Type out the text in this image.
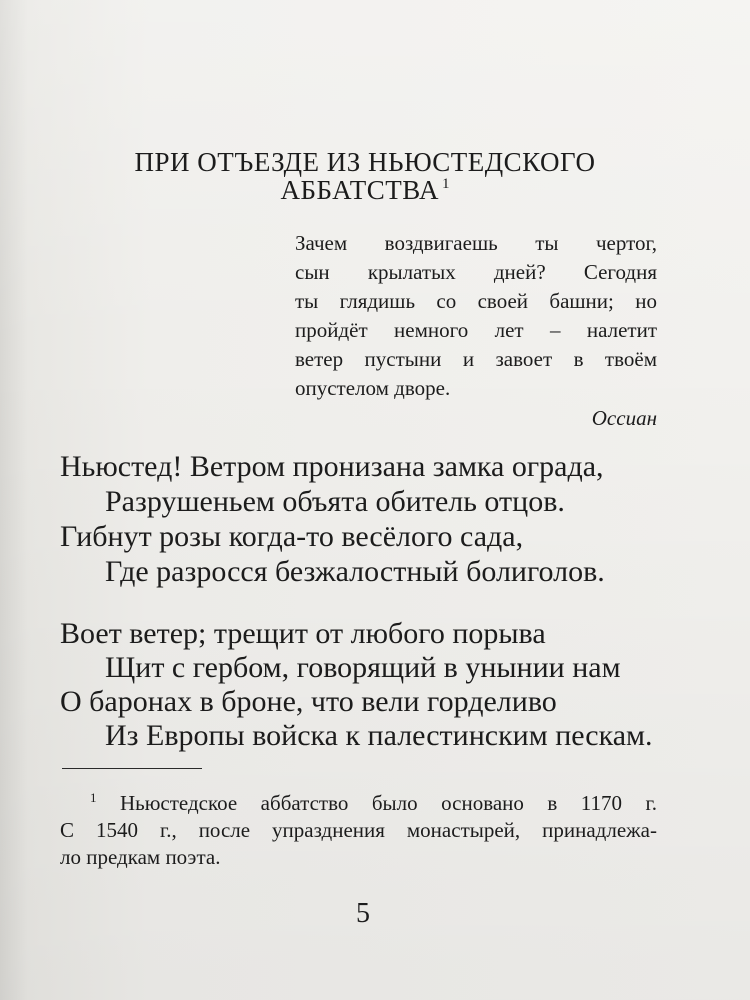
ПРИ ОТЪЕЗДЕ ИЗ НЬЮСТЕДСКОГО
АББАТСТВА $^1$
Зачем воздвигаешь ты чертог,
сын крылатых дней? Сегодня
ты глядишь со своей башни; но
пройдёт немного лет – налетит
ветер пустыни и завоет в твоём
опустелом дворе.
Оссиан
Ньюстед! Ветром пронизана замка ограда,
Разрушеньем объята обитель отцов.
Гибнут розы когда-то весёлого сада,
Где разросся безжалостный болиголов.
Воет ветер; трещит от любого порыва
Щит с гербом, говорящий в унынии нам
О баронах в броне, что вели горделиво
Из Европы войска к палестинским пескам.
$^1$ Ньюстедское аббатство было основано в 1170 г.
С 1540 г., после упразднения монастырей, принадлежа-
ло предкам поэта.
5
